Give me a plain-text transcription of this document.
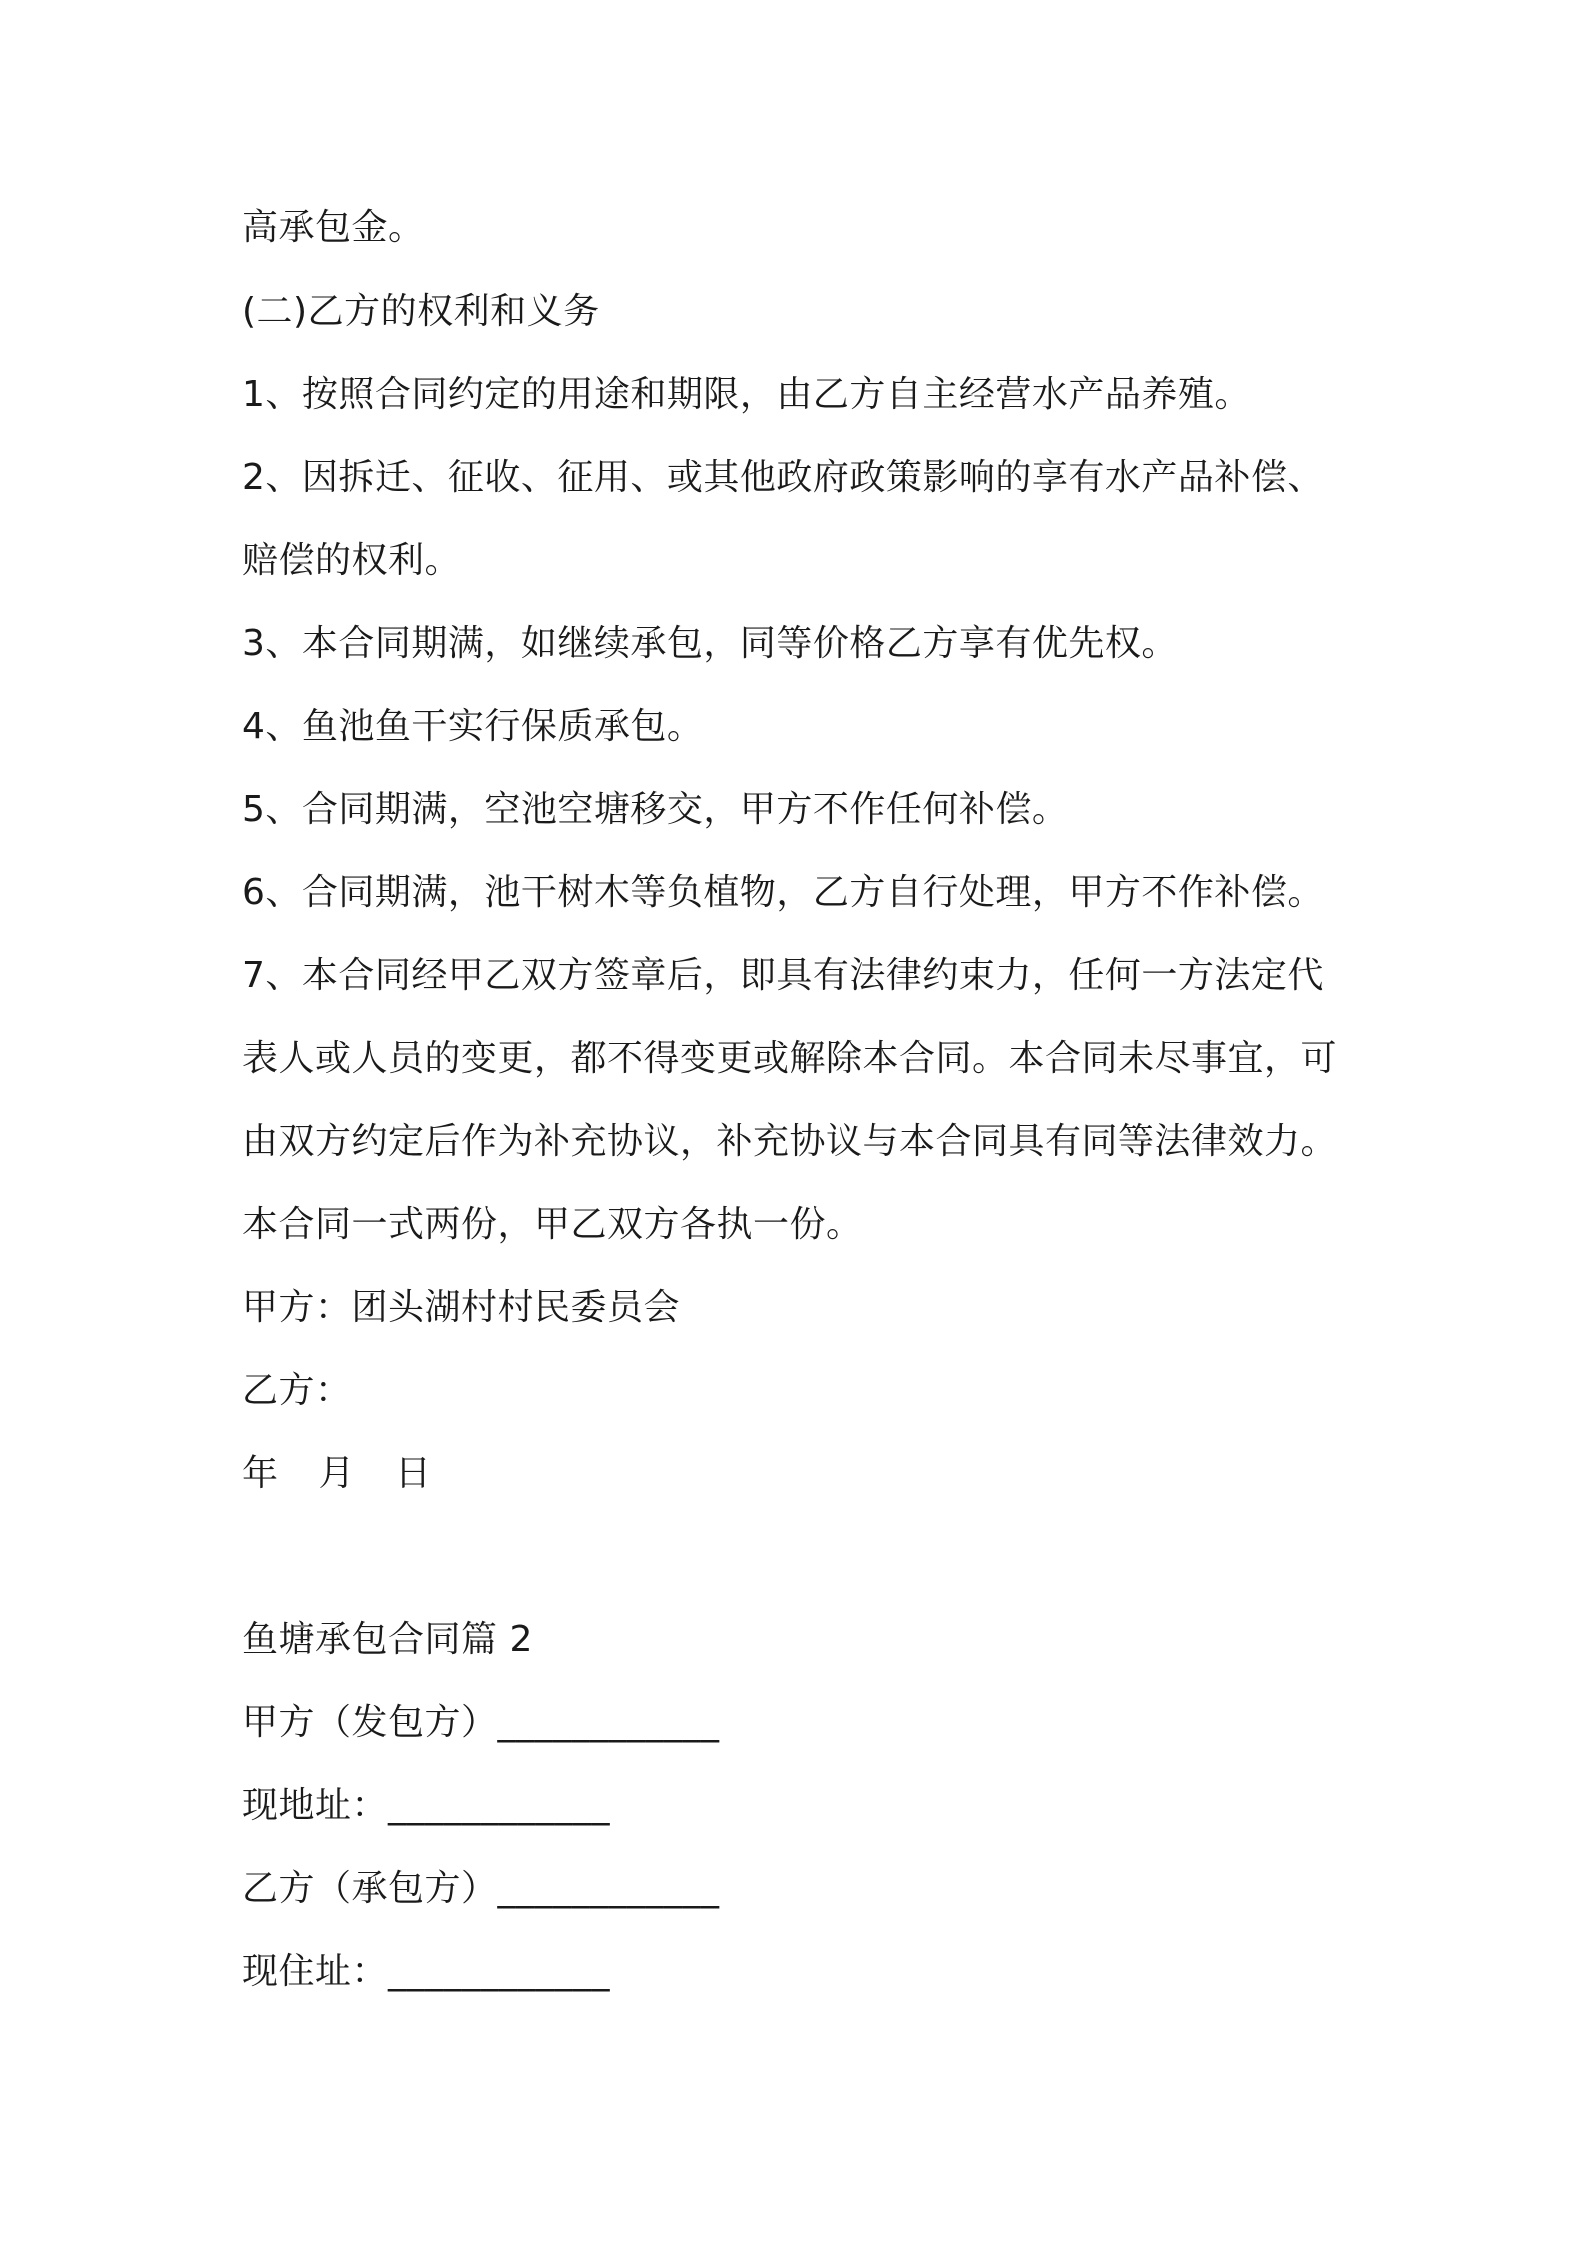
高承包金。
(二)乙方的权利和义务
1、按照合同约定的用途和期限，由乙方自主经营水产品养殖。
2、因拆迁、征收、征用、或其他政府政策影响的享有水产品补偿、
赔偿的权利。
3、本合同期满，如继续承包，同等价格乙方享有优先权。
4、鱼池鱼干实行保质承包。
5、合同期满，空池空塘移交，甲方不作任何补偿。
6、合同期满，池干树木等负植物，乙方自行处理，甲方不作补偿。
7、本合同经甲乙双方签章后，即具有法律约束力，任何一方法定代
表人或人员的变更，都不得变更或解除本合同。本合同未尽事宜，可
由双方约定后作为补充协议，补充协议与本合同具有同等法律效力。
本合同一式两份，甲乙双方各执一份。
甲方：团头湖村村民委员会
乙方：
年 月 日
鱼塘承包合同篇 2
甲方（发包方）____________
现地址：____________
乙方（承包方）____________
现住址：____________
